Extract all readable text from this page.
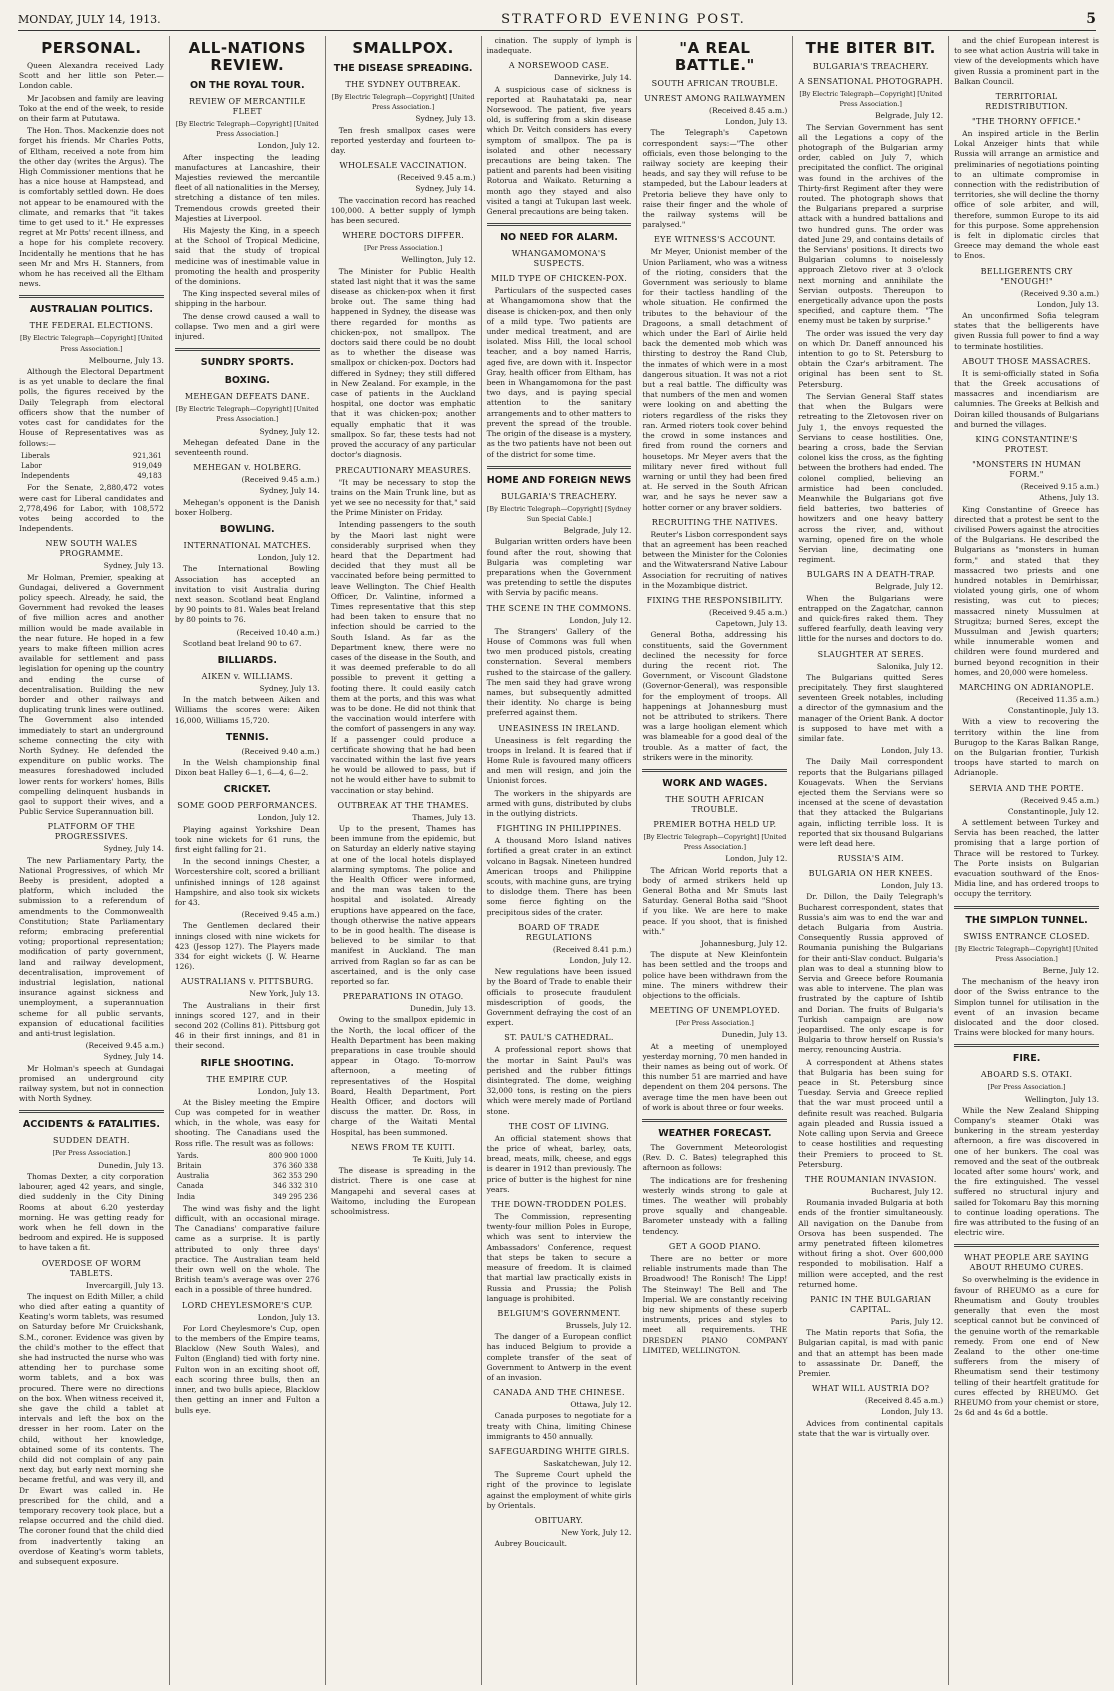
MONDAY, JULY 14, 1913.	STRATFORD EVENING POST.	5
PERSONAL.

Queen Alexandra received Lady Scott and her little son Peter.—London cable.

Mr Jacobsen and family are leaving Toko at the end of the week, to reside on their farm at Pututawa.

The Hon. Thos. Mackenzie does not forget his friends. Mr Charles Potts, of Eltham, received a note from him the other day (writes the Argus). The High Commissioner mentions that he has a nice house at Hampstead, and is comfortably settled down. He does not appear to be enamoured with the climate, and remarks that "it takes time to get used to it." He expresses regret at Mr Potts' recent illness, and a hope for his complete recovery. Incidentally he mentions that he has seen Mr and Mrs H. Stanners, from whom he has received all the Eltham news.

AUSTRALIAN POLITICS.
THE FEDERAL ELECTIONS.
[By Electric Telegraph—Copyright] [United Press Association.]
Melbourne, July 13.

Although the Electoral Department is as yet unable to declare the final polls, the figures received by the Daily Telegraph from electoral officers show that the number of votes cast for candidates for the House of Representatives was as follows:—

Liberals	921,361
Labor	919,049
Independents	49,183

For the Senate, 2,880,472 votes were cast for Liberal candidates and 2,778,496 for Labor, with 108,572 votes being accorded to the Independents.

NEW SOUTH WALES PROGRAMME.
Sydney, July 13.

Mr Holman, Premier, speaking at Gundagai, delivered a Government policy speech. Already, he said, the Government had revoked the leases of five million acres and another million would be made available in the near future. He hoped in a few years to make fifteen million acres available for settlement and pass legislation for opening up the country and ending the curse of decentralisation. Building the new border and other railways and duplicating trunk lines were outlined. The Government also intended immediately to start an underground scheme connecting the city with North Sydney. He defended the expenditure on public works. The measures foreshadowed included lower rents for workers' homes, Bills compelling delinquent husbands in gaol to support their wives, and a Public Service Superannuation bill.

PLATFORM OF THE PROGRESSIVES.
Sydney, July 14.

The new Parliamentary Party, the National Progressives, of which Mr Beeby is president, adopted a platform, which included the submission to a referendum of amendments to the Commonwealth Constitution; State Parliamentary reform; embracing preferential voting; proportional representation; modification of party government, land and railway development, decentralisation, improvement of industrial legislation, national insurance against sickness and unemployment, a superannuation scheme for all public servants, expansion of educational facilities and anti-trust legislation.

(Received 9.45 a.m.)
Sydney, July 14.

Mr Holman's speech at Gundagai promised an underground city railway system, but not in connection with North Sydney.

ACCIDENTS & FATALITIES.
SUDDEN DEATH.
[Per Press Association.]
Dunedin, July 13.

Thomas Dexter, a city corporation labourer, aged 42 years, and single, died suddenly in the City Dining Rooms at about 6.20 yesterday morning. He was getting ready for work when he fell down in the bedroom and expired. He is supposed to have taken a fit.

OVERDOSE OF WORM TABLETS.
Invercargill, July 13.

The inquest on Edith Miller, a child who died after eating a quantity of Keating's worm tablets, was resumed on Saturday before Mr Cruickshank, S.M., coroner. Evidence was given by the child's mother to the effect that she had instructed the nurse who was attending her to purchase some worm tablets, and a box was procured. There were no directions on the box. When witness received it, she gave the child a tablet at intervals and left the box on the dresser in her room. Later on the child, without her knowledge, obtained some of its contents. The child did not complain of any pain next day, but early next morning she became fretful, and was very ill, and Dr Ewart was called in. He prescribed for the child, and a temporary recovery took place, but a relapse occurred and the child died. The coroner found that the child died from inadvertently taking an overdose of Keating's worm tablets, and subsequent exposure.

ALL-NATIONS REVIEW.
ON THE ROYAL TOUR.
REVIEW OF MERCANTILE FLEET
[By Electric Telegraph—Copyright] [United Press Association.]
London, July 12.

After inspecting the leading manufactures at Lancashire, their Majesties reviewed the mercantile fleet of all nationalities in the Mersey, stretching a distance of ten miles. Tremendous crowds greeted their Majesties at Liverpool.

His Majesty the King, in a speech at the School of Tropical Medicine, said that the study of tropical medicine was of inestimable value in promoting the health and prosperity of the dominions.

The King inspected several miles of shipping in the harbour.

The dense crowd caused a wall to collapse. Two men and a girl were injured.

SUNDRY SPORTS.
BOXING.
MEHEGAN DEFEATS DANE.
[By Electric Telegraph—Copyright] [United Press Association.]
Sydney, July 12.

Mehegan defeated Dane in the seventeenth round.

MEHEGAN v. HOLBERG.
(Received 9.45 a.m.)
Sydney, July 14.

Mehegan's opponent is the Danish boxer Holberg.

BOWLING.
INTERNATIONAL MATCHES.
London, July 12.

The International Bowling Association has accepted an invitation to visit Australia during next season. Scotland beat England by 90 points to 81. Wales beat Ireland by 80 points to 76.

(Received 10.40 a.m.)

Scotland beat Ireland 90 to 67.

BILLIARDS.
AIKEN v. WILLIAMS.
Sydney, July 13.

In the match between Aiken and Williams the scores were: Aiken 16,000, Williams 15,720.

TENNIS.
(Received 9.40 a.m.)

In the Welsh championship final Dixon beat Halley 6—1, 6—4, 6—2.

CRICKET.
SOME GOOD PERFORMANCES.
London, July 12.

Playing against Yorkshire Dean took nine wickets for 61 runs, the first eight falling for 21.

In the second innings Chester, a Worcestershire colt, scored a brilliant unfinished innings of 128 against Hampshire, and also took six wickets for 43.

(Received 9.45 a.m.)

The Gentlemen declared their innings closed with nine wickets for 423 (Jessop 127). The Players made 334 for eight wickets (J. W. Hearne 126).

AUSTRALIANS v. PITTSBURG.
New York, July 13.

The Australians in their first innings scored 127, and in their second 202 (Collins 81). Pittsburg got 46 in their first innings, and 81 in their second.

RIFLE SHOOTING.
THE EMPIRE CUP.
London, July 13.

At the Bisley meeting the Empire Cup was competed for in weather which, in the whole, was easy for shooting. The Canadians used the Ross rifle. The result was as follows:

Yards.	800 900 1000
Britain	376 360 338
Australia	362 353 290
Canada	346 332 310
India	349 295 236

The wind was fishy and the light difficult, with an occasional mirage. The Canadians' comparative failure came as a surprise. It is partly attributed to only three days' practice. The Australian team held their own well on the whole. The British team's average was over 276 each in a possible of three hundred.

LORD CHEYLESMORE'S CUP.
London, July 13.

For Lord Cheylesmore's Cup, open to the members of the Empire teams, Blacklow (New South Wales), and Fulton (England) tied with forty nine. Fulton won in an exciting shoot off, each scoring three bulls, then an inner, and two bulls apiece, Blacklow then getting an inner and Fulton a bulls eye.

SMALLPOX.
THE DISEASE SPREADING.
THE SYDNEY OUTBREAK.
[By Electric Telegraph—Copyright] [United Press Association.]
Sydney, July 13.

Ten fresh smallpox cases were reported yesterday and fourteen to-day.

WHOLESALE VACCINATION.
(Received 9.45 a.m.)
Sydney, July 14.

The vaccination record has reached 100,000. A better supply of lymph has been secured.

WHERE DOCTORS DIFFER.
[Per Press Association.]
Wellington, July 12.

The Minister for Public Health stated last night that it was the same disease as chicken-pox when it first broke out. The same thing had happened in Sydney, the disease was there regarded for months as chicken-pox, not smallpox. The doctors said there could be no doubt as to whether the disease was smallpox or chicken-pox. Doctors had differed in Sydney; they still differed in New Zealand. For example, in the case of patients in the Auckland hospital, one doctor was emphatic that it was chicken-pox; another equally emphatic that it was smallpox. So far, these tests had not proved the accuracy of any particular doctor's diagnosis.

PRECAUTIONARY MEASURES.

"It may be necessary to stop the trains on the Main Trunk line, but as yet we see no necessity for that," said the Prime Minister on Friday.

Intending passengers to the south by the Maori last night were considerably surprised when they heard that the Department had decided that they must all be vaccinated before being permitted to leave Wellington. The Chief Health Officer, Dr. Valintine, informed a Times representative that this step had been taken to ensure that no infection should be carried to the South Island. As far as the Department knew, there were no cases of the disease in the South, and it was deemed preferable to do all possible to prevent it getting a footing there. It could easily catch them at the ports, and this was what was to be done. He did not think that the vaccination would interfere with the comfort of passengers in any way. If a passenger could produce a certificate showing that he had been vaccinated within the last five years he would be allowed to pass, but if not he would either have to submit to vaccination or stay behind.

OUTBREAK AT THE THAMES.
Thames, July 13.

Up to the present, Thames has been immune from the epidemic, but on Saturday an elderly native staying at one of the local hotels displayed alarming symptoms. The police and the Health Officer were informed, and the man was taken to the hospital and isolated. Already eruptions have appeared on the face, though otherwise the native appears to be in good health. The disease is believed to be similar to that manifest in Auckland. The man arrived from Raglan so far as can be ascertained, and is the only case reported so far.

PREPARATIONS IN OTAGO.
Dunedin, July 13.

Owing to the smallpox epidemic in the North, the local officer of the Health Department has been making preparations in case trouble should appear in Otago. To-morrow afternoon, a meeting of representatives of the Hospital Board, Health Department, Port Health Officer, and doctors will discuss the matter. Dr. Ross, in charge of the Waitati Mental Hospital, has been summoned.

NEWS FROM TE KUITI.
Te Kuiti, July 14.

The disease is spreading in the district. There is one case at Mangapehi and several cases at Waitomo, including the European schoolmistress.

cination. The supply of lymph is inadequate.

A NORSEWOOD CASE.
Dannevirke, July 14.

A suspicious case of sickness is reported at Rauhatataki pa, near Norsewood. The patient, five years old, is suffering from a skin disease which Dr. Veitch considers has every symptom of smallpox. The pa is isolated and other necessary precautions are being taken. The patient and parents had been visiting Rotorua and Waikato. Returning a month ago they stayed and also visited a tangi at Tukupan last week. General precautions are being taken.

NO NEED FOR ALARM.
WHANGAMOMONA'S SUSPECTS.
MILD TYPE OF CHICKEN-POX.

Particulars of the suspected cases at Whangamomona show that the disease is chicken-pox, and then only of a mild type. Two patients are under medical treatment, and are isolated. Miss Hill, the local school teacher, and a boy named Harris, aged five, are down with it. Inspector Gray, health officer from Eltham, has been in Whangamomona for the past two days, and is paying special attention to the sanitary arrangements and to other matters to prevent the spread of the trouble. The origin of the disease is a mystery, as the two patients have not been out of the district for some time.

HOME AND FOREIGN NEWS
BULGARIA'S TREACHERY.
[By Electric Telegraph—Copyright] [Sydney Sun Special Cable.]
Belgrade, July 12.

Bulgarian written orders have been found after the rout, showing that Bulgaria was completing war preparations when the Government was pretending to settle the disputes with Servia by pacific means.

THE SCENE IN THE COMMONS.
London, July 12.

The Strangers' Gallery of the House of Commons was full when two men produced pistols, creating consternation. Several members rushed to the staircase of the gallery. The men said they had grave wrong names, but subsequently admitted their identity. No charge is being preferred against them.

UNEASINESS IN IRELAND.

Uneasiness is felt regarding the troops in Ireland. It is feared that if Home Rule is favoured many officers and men will resign, and join the Unionist forces.

The workers in the shipyards are armed with guns, distributed by clubs in the outlying districts.

FIGHTING IN PHILIPPINES.

A thousand Moro Island natives fortified a great crater in an extinct volcano in Bagsak. Nineteen hundred American troops and Philippine scouts, with machine guns, are trying to dislodge them. There has been some fierce fighting on the precipitous sides of the crater.

BOARD OF TRADE REGULATIONS
(Received 8.41 p.m.)
London, July 12.

New regulations have been issued by the Board of Trade to enable their officials to prosecute fraudulent misdescription of goods, the Government defraying the cost of an expert.

ST. PAUL'S CATHEDRAL.

A professional report shows that the mortar in Saint Paul's was perished and the rubber fittings disintegrated. The dome, weighing 32,000 tons, is resting on the piers which were merely made of Portland stone.

THE COST OF LIVING.

An official statement shows that the price of wheat, barley, oats, bread, meats, milk, cheese, and eggs is dearer in 1912 than previously. The price of butter is the highest for nine years.

THE DOWN-TRODDEN POLES.

The Commission, representing twenty-four million Poles in Europe, which was sent to interview the Ambassadors' Conference, request that steps be taken to secure a measure of freedom. It is claimed that martial law practically exists in Russia and Prussia; the Polish language is prohibited.

BELGIUM'S GOVERNMENT.
Brussels, July 12.

The danger of a European conflict has induced Belgium to provide a complete transfer of the seat of Government to Antwerp in the event of an invasion.

CANADA AND THE CHINESE.
Ottawa, July 12.

Canada purposes to negotiate for a treaty with China, limiting Chinese immigrants to 450 annually.

SAFEGUARDING WHITE GIRLS.
Saskatchewan, July 12.

The Supreme Court upheld the right of the province to legislate against the employment of white girls by Orientals.

OBITUARY.
New York, July 12.

Aubrey Boucicault.

"A REAL BATTLE."
SOUTH AFRICAN TROUBLE.
UNREST AMONG RAILWAYMEN
(Received 8.45 a.m.)
London, July 13.

The Telegraph's Capetown correspondent says:—"The other officials, even those belonging to the railway society are keeping their heads, and say they will refuse to be stampeded, but the Labour leaders at Pretoria believe they have only to raise their finger and the whole of the railway systems will be paralysed."

EYE WITNESS'S ACCOUNT.

Mr Meyer, Unionist member of the Union Parliament, who was a witness of the rioting, considers that the Government was seriously to blame for their tactless handling of the whole situation. He confirmed the tributes to the behaviour of the Dragoons, a small detachment of which under the Earl of Airlie held back the demented mob which was thirsting to destroy the Rand Club, the inmates of which were in a most dangerous situation. It was not a riot but a real battle. The difficulty was that numbers of the men and women were looking on and abetting the rioters regardless of the risks they ran. Armed rioters took cover behind the crowd in some instances and fired from round the corners and housetops. Mr Meyer avers that the military never fired without full warning or until they had been fired at. He served in the South African war, and he says he never saw a hotter corner or any braver soldiers.

RECRUITING THE NATIVES.

Reuter's Lisbon correspondent says that an agreement has been reached between the Minister for the Colonies and the Witwatersrand Native Labour Association for recruiting of natives in the Mozambique district.

FIXING THE RESPONSIBILITY.
(Received 9.45 a.m.)
Capetown, July 13.

General Botha, addressing his constituents, said the Government declined the necessity for force during the recent riot. The Government, or Viscount Gladstone (Governor-General), was responsible for the employment of troops. All happenings at Johannesburg must not be attributed to strikers. There was a large hooligan element which was blameable for a good deal of the trouble. As a matter of fact, the strikers were in the minority.

WORK AND WAGES.
THE SOUTH AFRICAN TROUBLE.
PREMIER BOTHA HELD UP.
[By Electric Telegraph—Copyright] [United Press Association.]
London, July 12.

The African World reports that a body of armed strikers held up General Botha and Mr Smuts last Saturday. General Botha said "Shoot if you like. We are here to make peace. If you shoot, that is finished with."

Johannesburg, July 12.

The dispute at New Kleinfontein has been settled and the troops and police have been withdrawn from the mine. The miners withdrew their objections to the officials.

MEETING OF UNEMPLOYED.
[Per Press Association.]
Dunedin, July 13.

At a meeting of unemployed yesterday morning, 70 men handed in their names as being out of work. Of this number 51 are married and have dependent on them 204 persons. The average time the men have been out of work is about three or four weeks.

WEATHER FORECAST.

The Government Meteorologist (Rev. D. C. Bates) telegraphed this afternoon as follows:

The indications are for freshening westerly winds strong to gale at times. The weather will probably prove squally and changeable. Barometer unsteady with a falling tendency.

GET A GOOD PIANO.

There are no better or more reliable instruments made than The Broadwood! The Ronisch! The Lipp! The Steinway! The Bell and The Imperial. We are constantly receiving big new shipments of these superb instruments, prices and styles to meet all requirements. THE DRESDEN PIANO COMPANY LIMITED, WELLINGTON.

THE BITER BIT.
BULGARIA'S TREACHERY.
A SENSATIONAL PHOTOGRAPH.
[By Electric Telegraph—Copyright] [United Press Association.]
Belgrade, July 12.

The Servian Government has sent all the Legations a copy of the photograph of the Bulgarian army order, cabled on July 7, which precipitated the conflict. The original was found in the archives of the Thirty-first Regiment after they were routed. The photograph shows that the Bulgarians prepared a surprise attack with a hundred battalions and two hundred guns. The order was dated June 29, and contains details of the Servians' positions. It directs two Bulgarian columns to noiselessly approach Zletovo river at 3 o'clock next morning and annihilate the Servian outposts. Thereupon to energetically advance upon the posts specified, and capture them. "The enemy must be taken by surprise."

The order was issued the very day on which Dr. Daneff announced his intention to go to St. Petersburg to obtain the Czar's arbitrament. The original has been sent to St. Petersburg.

The Servian General Staff states that when the Bulgars were retreating to the Zletovosen river on July 1, the envoys requested the Servians to cease hostilities. One, bearing a cross, bade the Servian colonel kiss the cross, as the fighting between the brothers had ended. The colonel complied, believing an armistice had been concluded. Meanwhile the Bulgarians got five field batteries, two batteries of howitzers and one heavy battery across the river, and, without warning, opened fire on the whole Servian line, decimating one regiment.

BULGARS IN A DEATH-TRAP.
Belgrade, July 12.

When the Bulgarians were entrapped on the Zagatchar, cannon and quick-fires raked them. They suffered fearfully, death leaving very little for the nurses and doctors to do.

SLAUGHTER AT SERES.
Salonika, July 12.

The Bulgarians quitted Seres precipitately. They first slaughtered seventeen Greek notables, including a director of the gymnasium and the manager of the Orient Bank. A doctor is supposed to have met with a similar fate.

London, July 13.

The Daily Mail correspondent reports that the Bulgarians pillaged Kouagevats. When the Servians ejected them the Servians were so incensed at the scene of devastation that they attacked the Bulgarians again, inflicting terrible loss. It is reported that six thousand Bulgarians were left dead here.

RUSSIA'S AIM.
BULGARIA ON HER KNEES.
London, July 13.

Dr. Dillon, the Daily Telegraph's Bucharest correspondent, states that Russia's aim was to end the war and detach Bulgaria from Austria. Consequently Russia approved of Roumania punishing the Bulgarians for their anti-Slav conduct. Bulgaria's plan was to deal a stunning blow to Servia and Greece before Roumania was able to intervene. The plan was frustrated by the capture of Ishtib and Dorian. The fruits of Bulgaria's Turkish campaign are now jeopardised. The only escape is for Bulgaria to throw herself on Russia's mercy, renouncing Austria.

A correspondent at Athens states that Bulgaria has been suing for peace in St. Petersburg since Tuesday. Servia and Greece replied that the war must proceed until a definite result was reached. Bulgaria again pleaded and Russia issued a Note calling upon Servia and Greece to cease hostilities and requesting their Premiers to proceed to St. Petersburg.

THE ROUMANIAN INVASION.
Bucharest, July 12.

Roumania invaded Bulgaria at both ends of the frontier simultaneously. All navigation on the Danube from Orsova has been suspended. The army penetrated fifteen kilometres without firing a shot. Over 600,000 responded to mobilisation. Half a million were accepted, and the rest returned home.

PANIC IN THE BULGARIAN CAPITAL.
Paris, July 12.

The Matin reports that Sofia, the Bulgarian capital, is mad with panic and that an attempt has been made to assassinate Dr. Daneff, the Premier.

WHAT WILL AUSTRIA DO?
(Received 8.45 a.m.)
London, July 13.

Advices from continental capitals state that the war is virtually over.

and the chief European interest is to see what action Austria will take in view of the developments which have given Russia a prominent part in the Balkan Council.

TERRITORIAL REDISTRIBUTION.
"THE THORNY OFFICE."

An inspired article in the Berlin Lokal Anzeiger hints that while Russia will arrange an armistice and preliminaries of negotiations pointing to an ultimate compromise in connection with the redistribution of territories, she will decline the thorny office of sole arbiter, and will, therefore, summon Europe to its aid for this purpose. Some apprehension is felt in diplomatic circles that Greece may demand the whole east to Enos.

BELLIGERENTS CRY "ENOUGH!"
(Received 9.30 a.m.)
London, July 13.

An unconfirmed Sofia telegram states that the belligerents have given Russia full power to find a way to terminate hostilities.

ABOUT THOSE MASSACRES.

It is semi-officially stated in Sofia that the Greek accusations of massacres and incendiarism are calumnies. The Greeks at Belkish and Doiran killed thousands of Bulgarians and burned the villages.

KING CONSTANTINE'S PROTEST.
"MONSTERS IN HUMAN FORM."
(Received 9.15 a.m.)
Athens, July 13.

King Constantine of Greece has directed that a protest be sent to the civilised Powers against the atrocities of the Bulgarians. He described the Bulgarians as "monsters in human form," and stated that they massacred two priests and one hundred notables in Demirhissar, violated young girls, one of whom resisting, was cut to pieces; massacred ninety Mussulmen at Strugitza; burned Seres, except the Mussulman and Jewish quarters; while innumerable women and children were found murdered and burned beyond recognition in their homes, and 20,000 were homeless.

MARCHING ON ADRIANOPLE.
(Received 11.35 a.m.)
Constantinople, July 13.

With a view to recovering the territory within the line from Burugop to the Karas Balkan Range, on the Bulgarian frontier, Turkish troops have started to march on Adrianople.

SERVIA AND THE PORTE.
(Received 9.45 a.m.)
Constantinople, July 12.

A settlement between Turkey and Servia has been reached, the latter promising that a large portion of Thrace will be restored to Turkey. The Porte insists on Bulgarian evacuation southward of the Enos-Midia line, and has ordered troops to occupy the territory.

THE SIMPLON TUNNEL.
SWISS ENTRANCE CLOSED.
[By Electric Telegraph—Copyright] [United Press Association.]
Berne, July 12.

The mechanism of the heavy iron door of the Swiss entrance to the Simplon tunnel for utilisation in the event of an invasion became dislocated and the door closed. Trains were blocked for many hours.

FIRE.
ABOARD S.S. OTAKI.
[Per Press Association.]
Wellington, July 13.

While the New Zealand Shipping Company's steamer Otaki was bunkering in the stream yesterday afternoon, a fire was discovered in one of her bunkers. The coal was removed and the seat of the outbreak located after some hours' work, and the fire extinguished. The vessel suffered no structural injury and sailed for Tokomaru Bay this morning to continue loading operations. The fire was attributed to the fusing of an electric wire.

WHAT PEOPLE ARE SAYING ABOUT RHEUMO CURES.

So overwhelming is the evidence in favour of RHEUMO as a cure for Rheumatism and Gouty troubles generally that even the most sceptical cannot but be convinced of the genuine worth of the remarkable remedy. From one end of New Zealand to the other one-time sufferers from the misery of Rheumatism send their testimony telling of their heartfelt gratitude for cures effected by RHEUMO. Get RHEUMO from your chemist or store, 2s 6d and 4s 6d a bottle.
